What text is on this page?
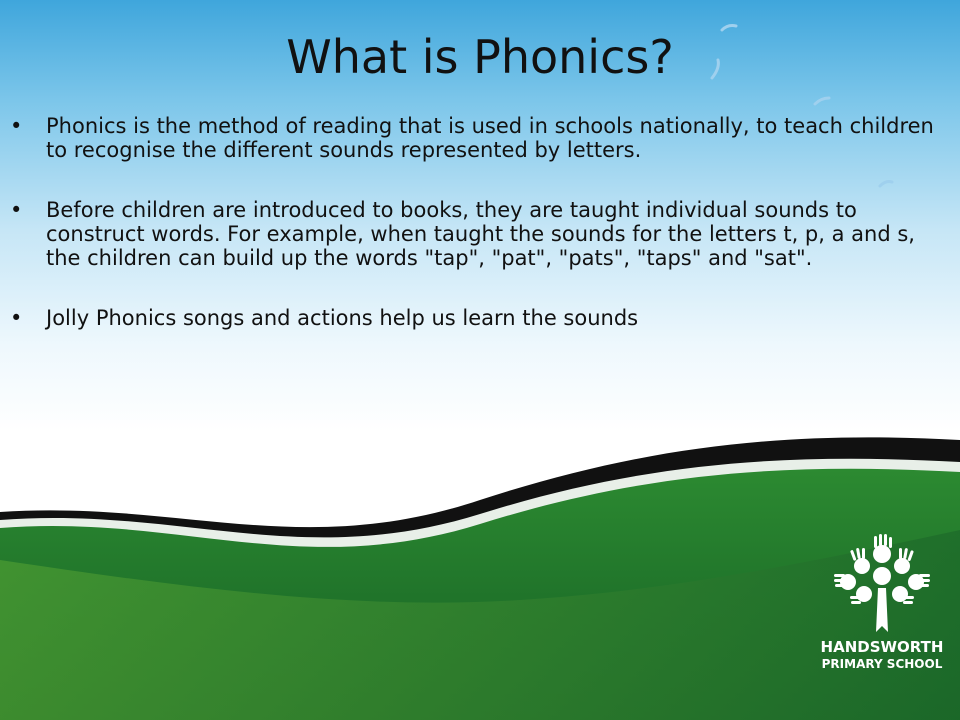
What is Phonics?
• Phonics is the method of reading that is used in schools nationally, to teach children to recognise the different sounds represented by letters.
• Before children are introduced to books, they are taught individual sounds to construct words. For example, when taught the sounds for the letters t, p, a and s, the children can build up the words "tap", "pat", "pats", "taps" and "sat".
• Jolly Phonics songs and actions help us learn the sounds
HANDSWORTH
PRIMARY SCHOOL
